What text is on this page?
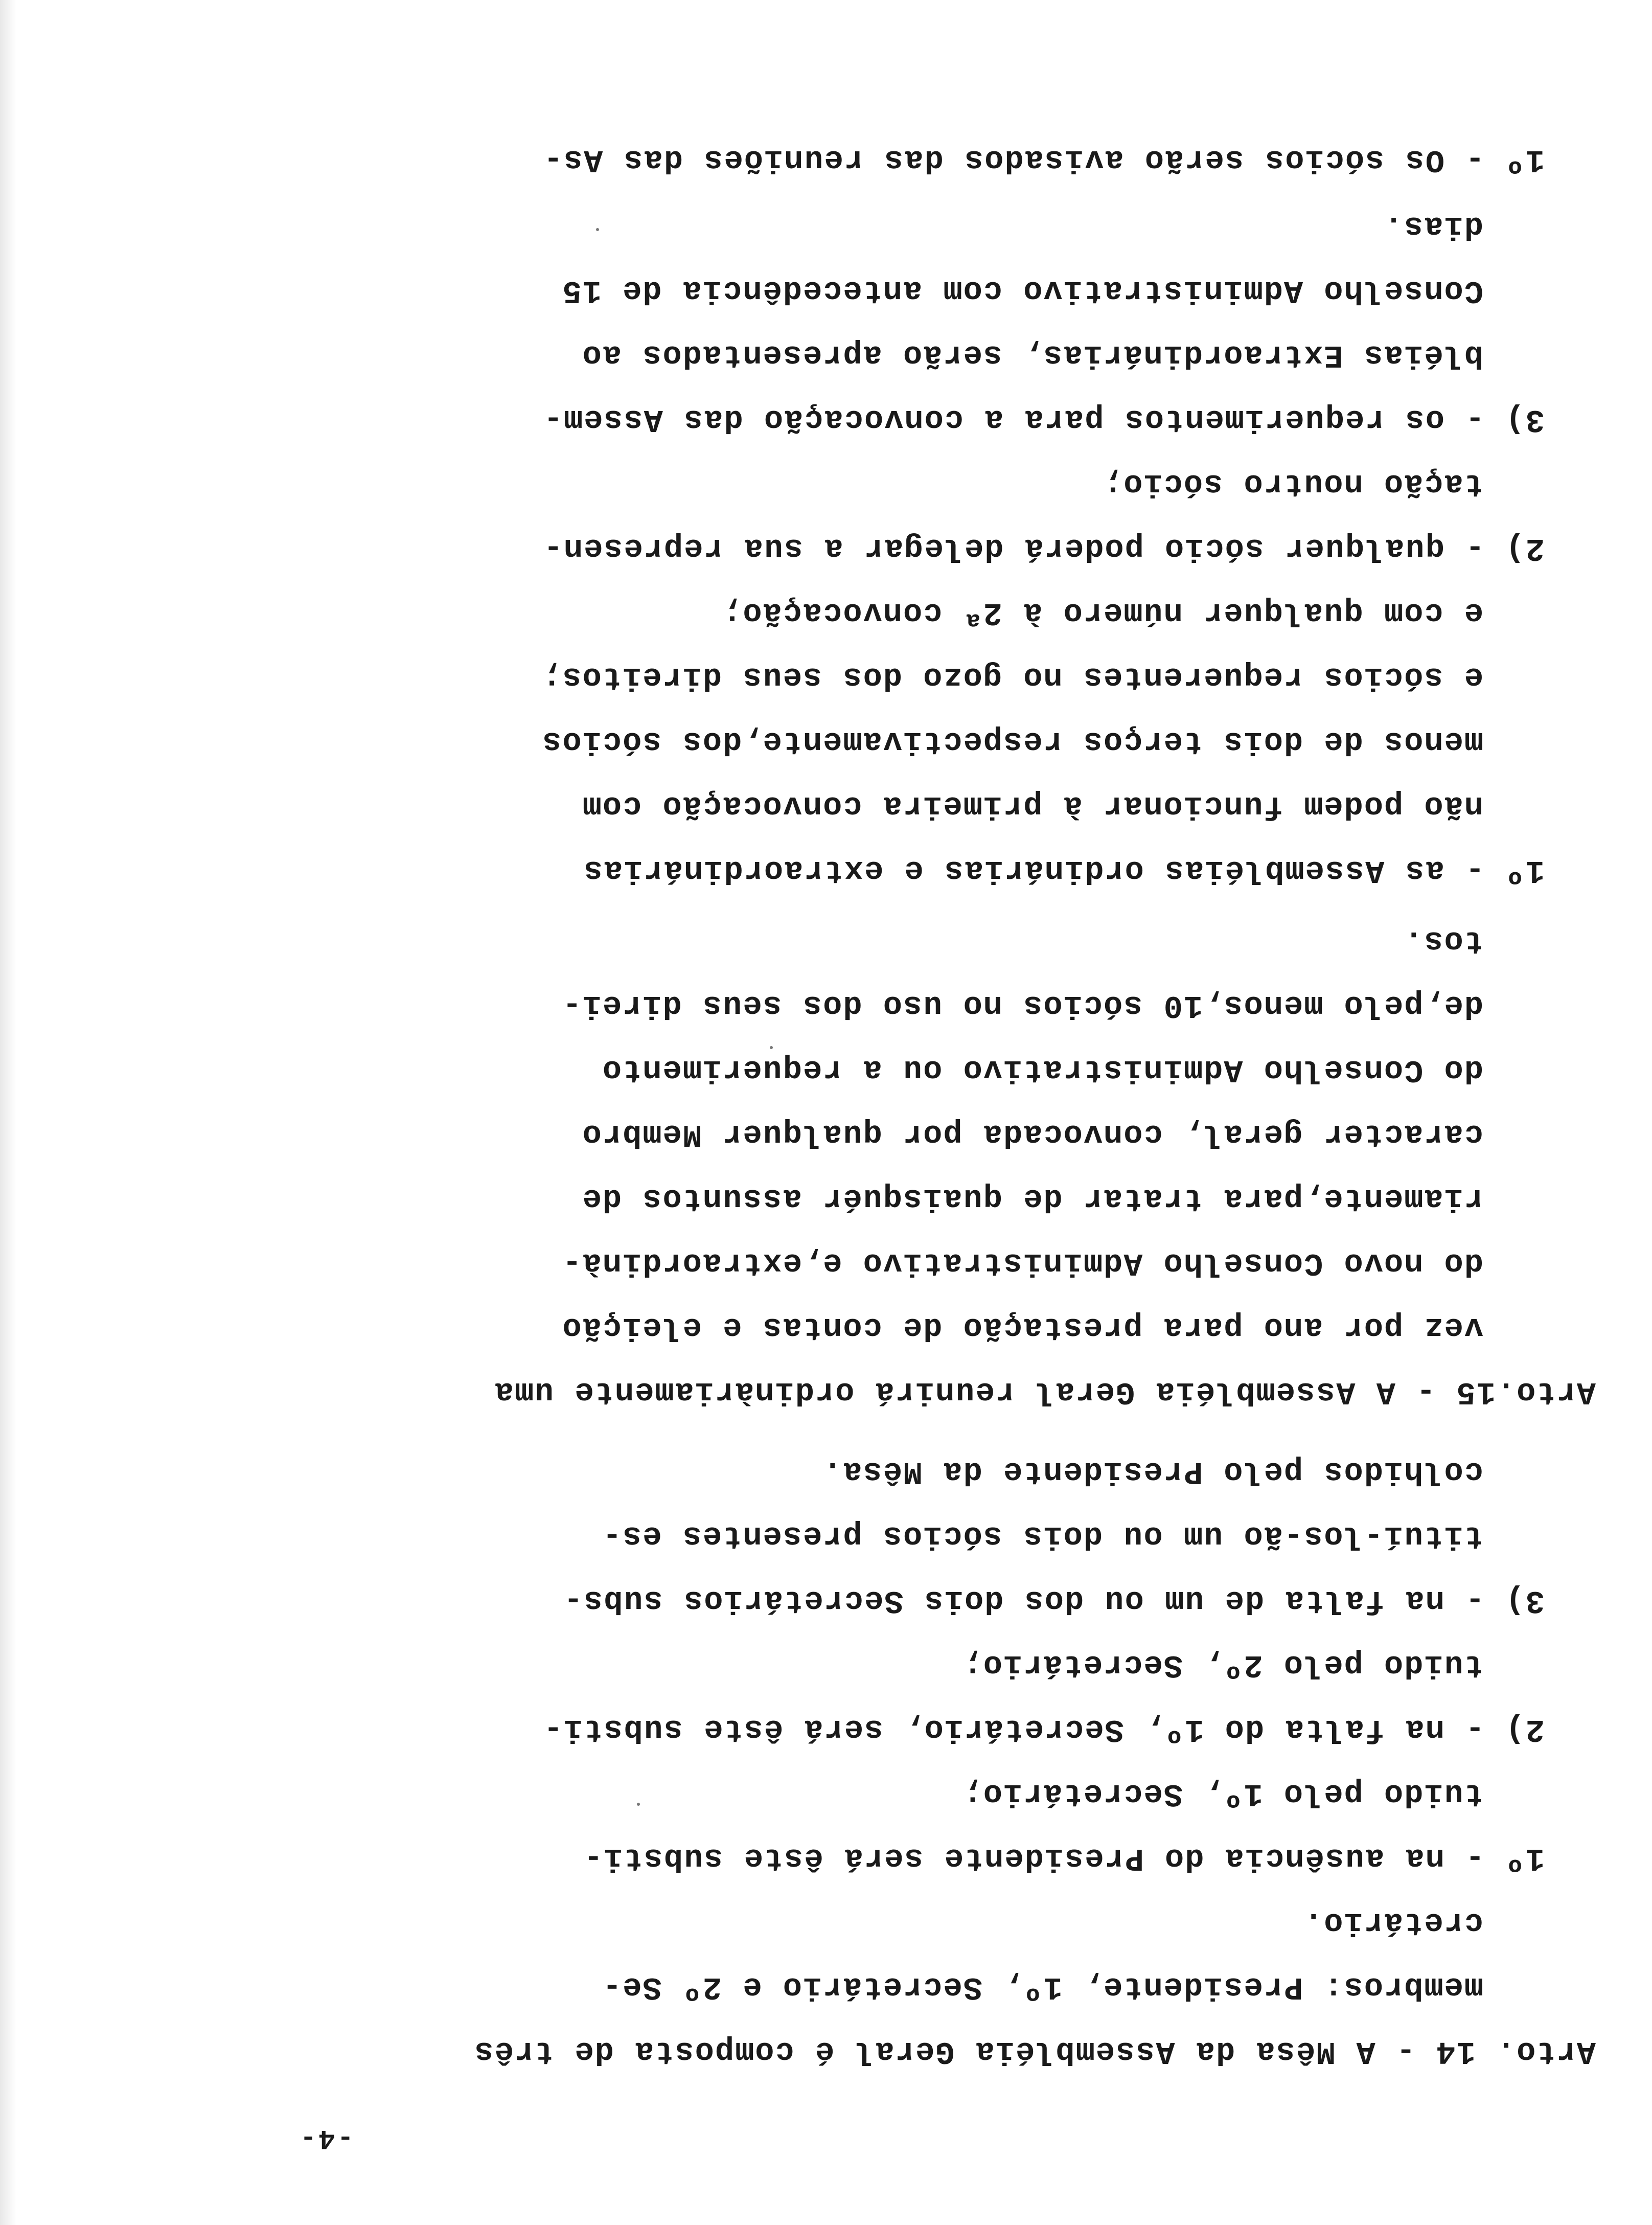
-4-
Arto. 14 - A Mêsa da Assembléia Geral é composta de três
membros: Presidente, 1º, Secretário e 2º Se-
cretário.
1º - na ausência do Presidente será êste substi-
tuido pelo 1º, Secretário;
2) - na falta do 1º, Secretário, será êste substi-
tuido pelo 2º, Secretário;
3) - na falta de um ou dos dois Secretários subs-
tituí-los-ão um ou dois sócios presentes es-
colhidos pelo Presidente da Mêsa.
Arto.15 - A Assembléia Geral reunirá ordinàriamente uma
vez por ano para prestação de contas e eleição
do novo Conselho Administrativo e,extraordinà-
riamente,para tratar de quaisquér assuntos de
caracter geral, convocada por qualquer Membro
do Conselho Administrativo ou a requerimento
de,pelo menos,10 sócios no uso dos seus direi-
tos.
1º - as Assembléias ordinárias e extraordinárias
não podem funcionar à primeira convocação com
menos de dois terços respectivamente,dos sócios
e sócios requerentes no gozo dos seus direitos;
e com qualquer número à 2ª convocação;
2) - qualquer sócio poderá delegar a sua represen-
tação noutro sócio;
3) - os requerimentos para a convocação das Assem-
bléias Extraordinárias, serão apresentados ao
Conselho Administrativo com antecedência de 15
dias.
1º - Os sócios serão avisados das reuniões das As-
